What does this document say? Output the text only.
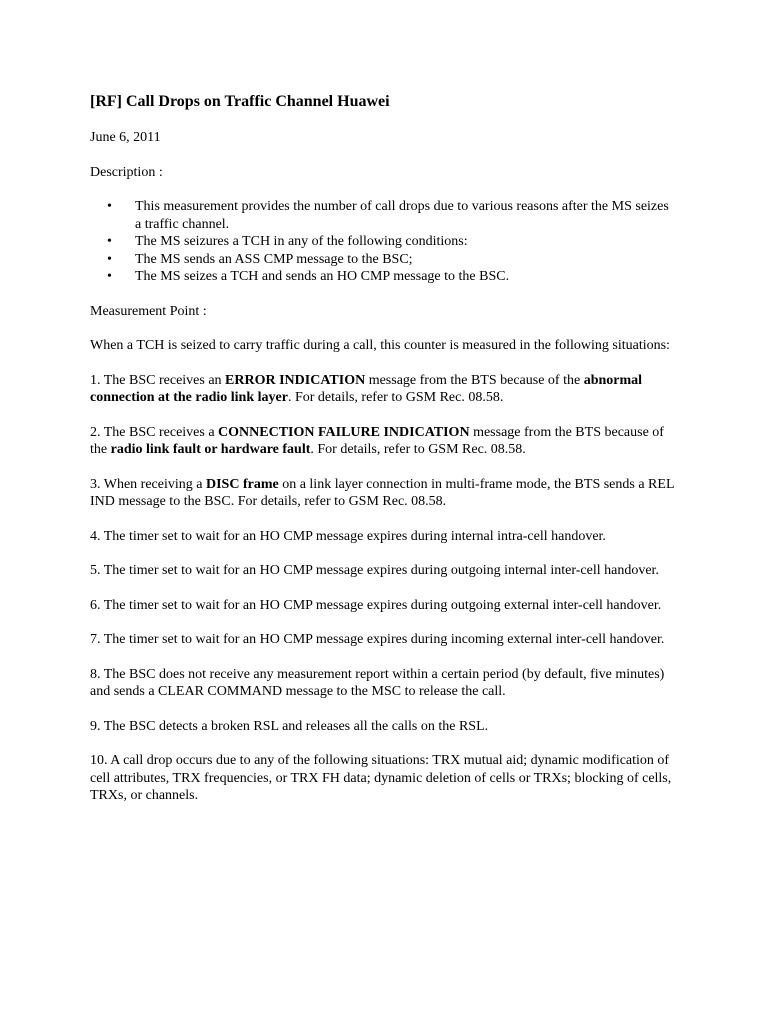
[RF] Call Drops on Traffic Channel Huawei

June 6, 2011

Description :

• This measurement provides the number of call drops due to various reasons after the MS seizes a traffic channel.
• The MS seizures a TCH in any of the following conditions:
• The MS sends an ASS CMP message to the BSC;
• The MS seizes a TCH and sends an HO CMP message to the BSC.

Measurement Point :

When a TCH is seized to carry traffic during a call, this counter is measured in the following situations:

1. The BSC receives an ERROR INDICATION message from the BTS because of the abnormal connection at the radio link layer. For details, refer to GSM Rec. 08.58.

2. The BSC receives a CONNECTION FAILURE INDICATION message from the BTS because of the radio link fault or hardware fault. For details, refer to GSM Rec. 08.58.

3. When receiving a DISC frame on a link layer connection in multi-frame mode, the BTS sends a REL IND message to the BSC. For details, refer to GSM Rec. 08.58.

4. The timer set to wait for an HO CMP message expires during internal intra-cell handover.

5. The timer set to wait for an HO CMP message expires during outgoing internal inter-cell handover.

6. The timer set to wait for an HO CMP message expires during outgoing external inter-cell handover.

7. The timer set to wait for an HO CMP message expires during incoming external inter-cell handover.

8. The BSC does not receive any measurement report within a certain period (by default, five minutes) and sends a CLEAR COMMAND message to the MSC to release the call.

9. The BSC detects a broken RSL and releases all the calls on the RSL.

10. A call drop occurs due to any of the following situations: TRX mutual aid; dynamic modification of cell attributes, TRX frequencies, or TRX FH data; dynamic deletion of cells or TRXs; blocking of cells, TRXs, or channels.
